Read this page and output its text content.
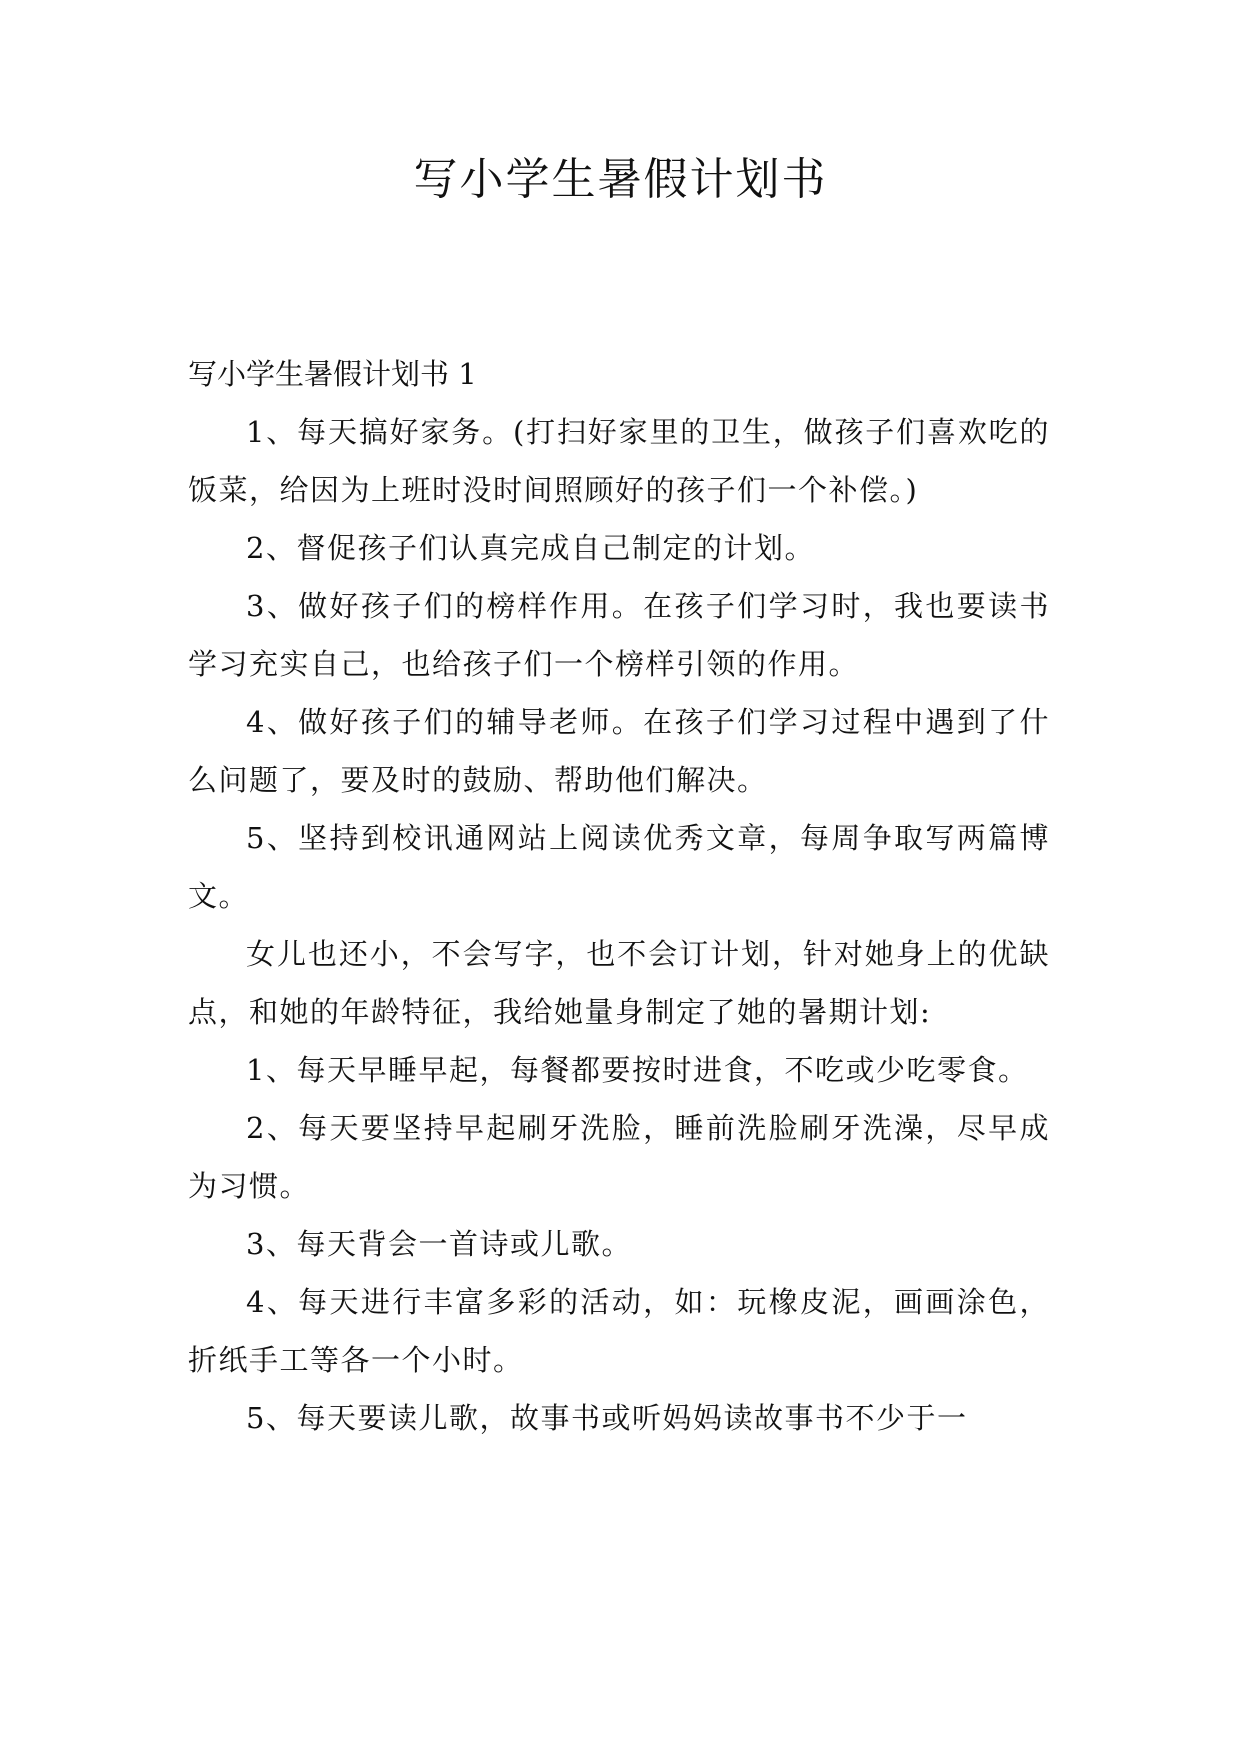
写小学生暑假计划书

写小学生暑假计划书 1

1、每天搞好家务。(打扫好家里的卫生，做孩子们喜欢吃的饭菜，给因为上班时没时间照顾好的孩子们一个补偿。)

2、督促孩子们认真完成自己制定的计划。

3、做好孩子们的榜样作用。在孩子们学习时，我也要读书学习充实自己，也给孩子们一个榜样引领的作用。

4、做好孩子们的辅导老师。在孩子们学习过程中遇到了什么问题了，要及时的鼓励、帮助他们解决。

5、坚持到校讯通网站上阅读优秀文章，每周争取写两篇博文。

女儿也还小，不会写字，也不会订计划，针对她身上的优缺点，和她的年龄特征，我给她量身制定了她的暑期计划:

1、每天早睡早起，每餐都要按时进食，不吃或少吃零食。

2、每天要坚持早起刷牙洗脸，睡前洗脸刷牙洗澡，尽早成为习惯。

3、每天背会一首诗或儿歌。

4、每天进行丰富多彩的活动，如：玩橡皮泥，画画涂色，折纸手工等各一个小时。

5、每天要读儿歌，故事书或听妈妈读故事书不少于一
